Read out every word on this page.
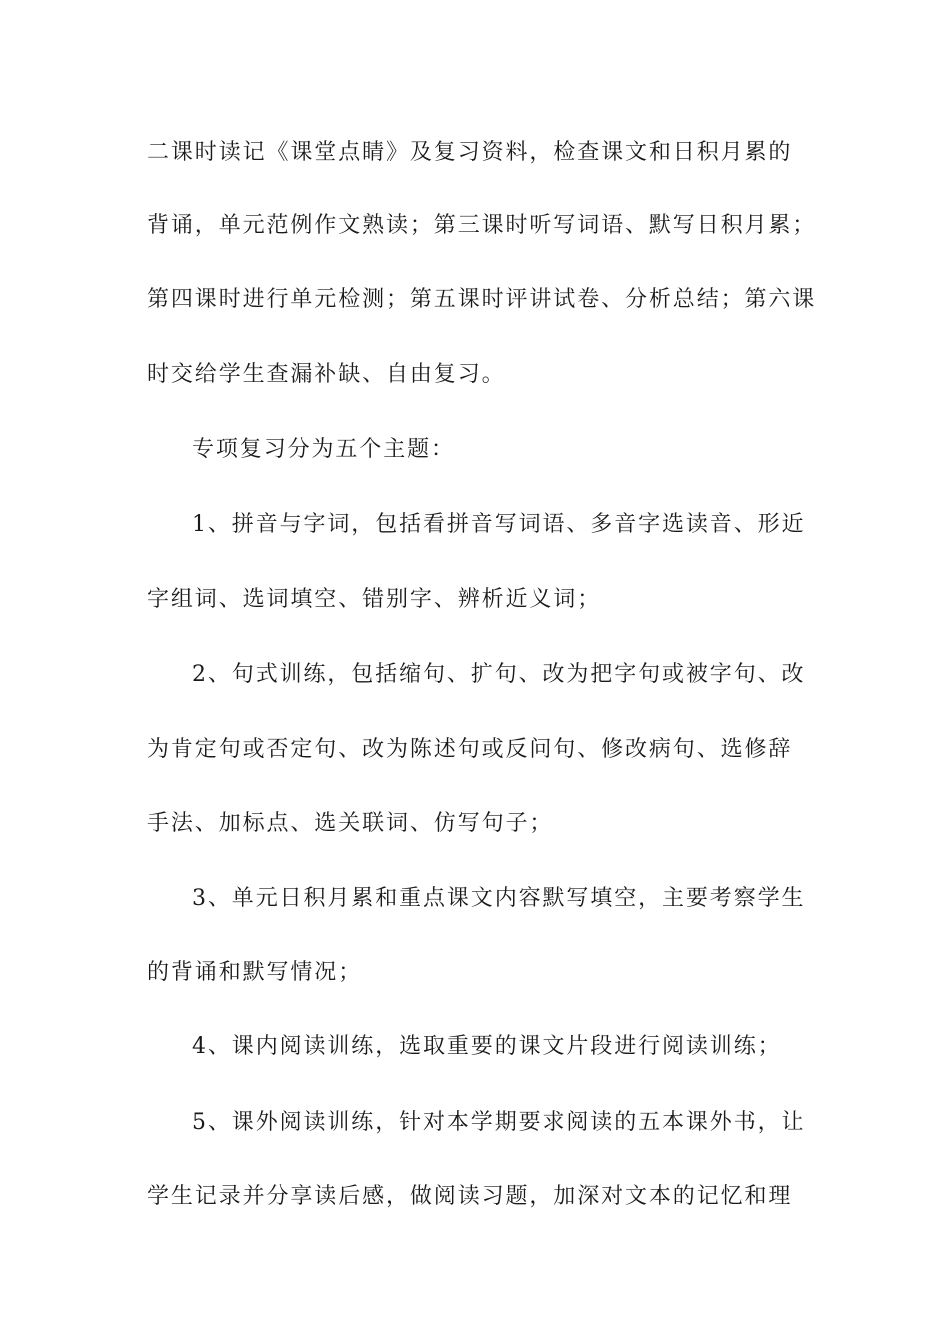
二课时读记《课堂点睛》及复习资料，检查课文和日积月累的
背诵，单元范例作文熟读；第三课时听写词语、默写日积月累；
第四课时进行单元检测；第五课时评讲试卷、分析总结；第六课
时交给学生查漏补缺、自由复习。
专项复习分为五个主题：
1、拼音与字词，包括看拼音写词语、多音字选读音、形近
字组词、选词填空、错别字、辨析近义词；
2、句式训练，包括缩句、扩句、改为把字句或被字句、改
为肯定句或否定句、改为陈述句或反问句、修改病句、选修辞
手法、加标点、选关联词、仿写句子；
3、单元日积月累和重点课文内容默写填空，主要考察学生
的背诵和默写情况；
4、课内阅读训练，选取重要的课文片段进行阅读训练；
5、课外阅读训练，针对本学期要求阅读的五本课外书，让
学生记录并分享读后感，做阅读习题，加深对文本的记忆和理
